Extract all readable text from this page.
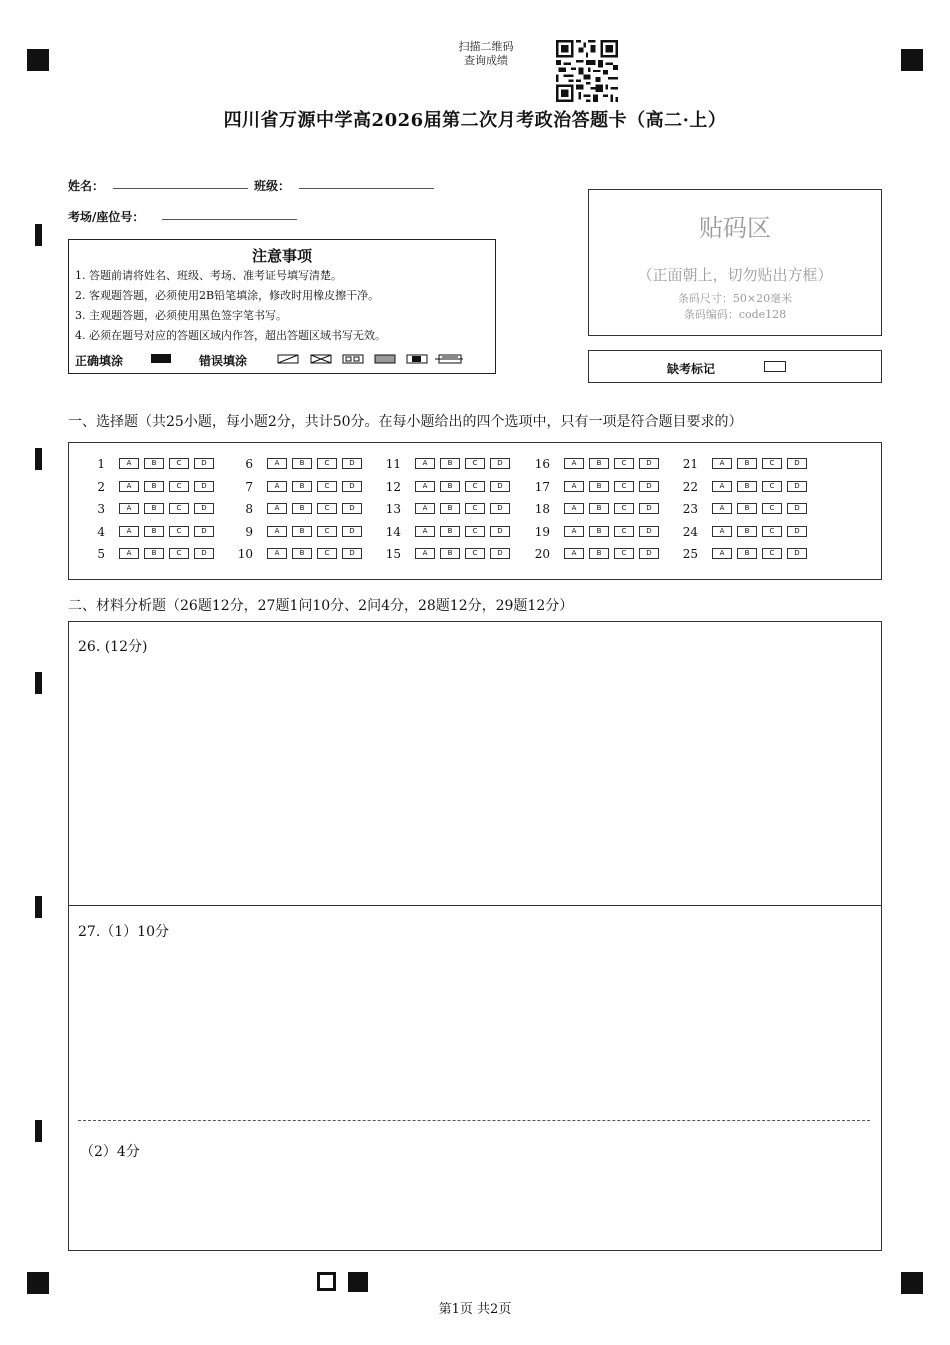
扫描二维码
查询成绩
四川省万源中学高2026届第二次月考政治答题卡（高二·上）
姓名：	班级：
考场/座位号：
注意事项
1. 答题前请将姓名、班级、考场、准考证号填写清楚。
2. 客观题答题，必须使用2B铅笔填涂，修改时用橡皮擦干净。
3. 主观题答题，必须使用黑色签字笔书写。
4. 必须在题号对应的答题区域内作答，超出答题区域书写无效。
正确填涂	错误填涂
贴码区
（正面朝上，切勿贴出方框）
条码尺寸：50×20毫米
条码编码：code128
缺考标记
一、选择题（共25小题，每小题2分，共计50分。在每小题给出的四个选项中，只有一项是符合题目要求的）
1	A	B	C	D
2	A	B	C	D
3	A	B	C	D
4	A	B	C	D
5	A	B	C	D
6	A	B	C	D
7	A	B	C	D
8	A	B	C	D
9	A	B	C	D
10	A	B	C	D
11	A	B	C	D
12	A	B	C	D
13	A	B	C	D
14	A	B	C	D
15	A	B	C	D
16	A	B	C	D
17	A	B	C	D
18	A	B	C	D
19	A	B	C	D
20	A	B	C	D
21	A	B	C	D
22	A	B	C	D
23	A	B	C	D
24	A	B	C	D
25	A	B	C	D
二、材料分析题（26题12分，27题1问10分、2问4分，28题12分，29题12分）
26. (12分)
27.（1）10分
（2）4分
第1页 共2页
